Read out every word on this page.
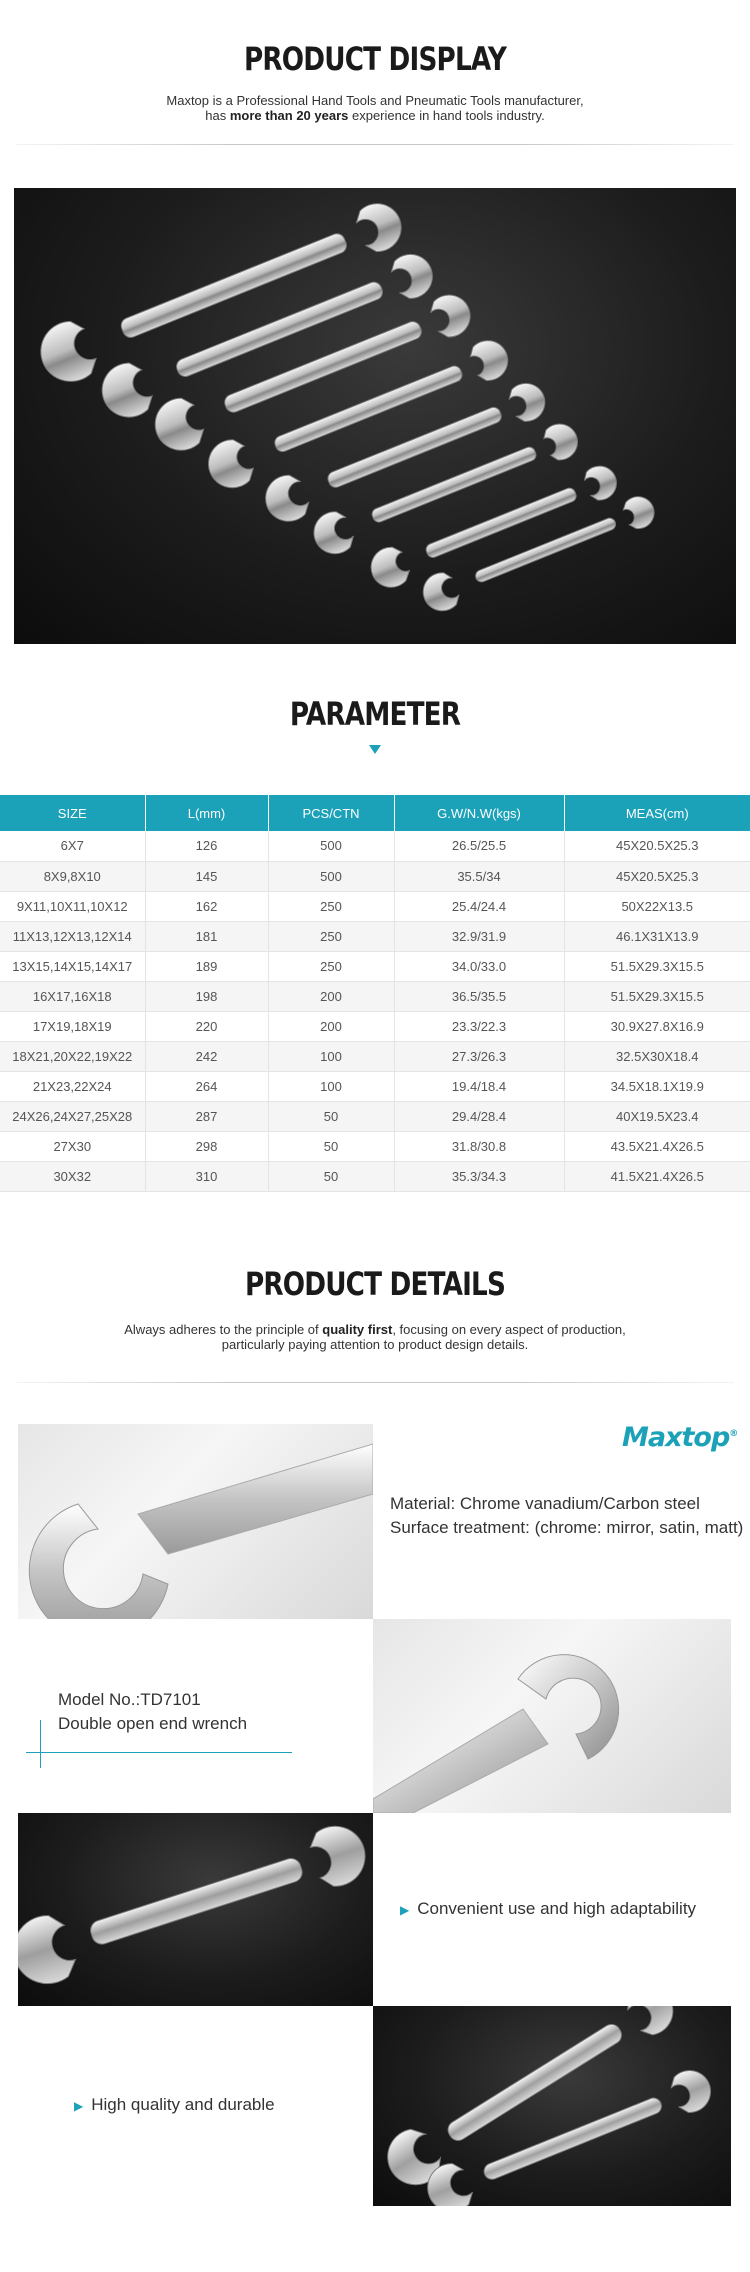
PRODUCT DISPLAY
Maxtop is a Professional Hand Tools and Pneumatic Tools manufacturer,
has more than 20 years experience in hand tools industry.
PARAMETER
SIZE	L(mm)	PCS/CTN	G.W/N.W(kgs)	MEAS(cm)
6X7	126	500	26.5/25.5	45X20.5X25.3
8X9,8X10	145	500	35.5/34	45X20.5X25.3
9X11,10X11,10X12	162	250	25.4/24.4	50X22X13.5
11X13,12X13,12X14	181	250	32.9/31.9	46.1X31X13.9
13X15,14X15,14X17	189	250	34.0/33.0	51.5X29.3X15.5
16X17,16X18	198	200	36.5/35.5	51.5X29.3X15.5
17X19,18X19	220	200	23.3/22.3	30.9X27.8X16.9
18X21,20X22,19X22	242	100	27.3/26.3	32.5X30X18.4
21X23,22X24	264	100	19.4/18.4	34.5X18.1X19.9
24X26,24X27,25X28	287	50	29.4/28.4	40X19.5X23.4
27X30	298	50	31.8/30.8	43.5X21.4X26.5
30X32	310	50	35.3/34.3	41.5X21.4X26.5
PRODUCT DETAILS
Always adheres to the principle of quality first, focusing on every aspect of production,
particularly paying attention to product design details.
Maxtop®
Material: Chrome vanadium/Carbon steel
Surface treatment: (chrome: mirror, satin, matt)
Model No.:TD7101
Double open end wrench
▶ Convenient use and high adaptability
▶ High quality and durable
